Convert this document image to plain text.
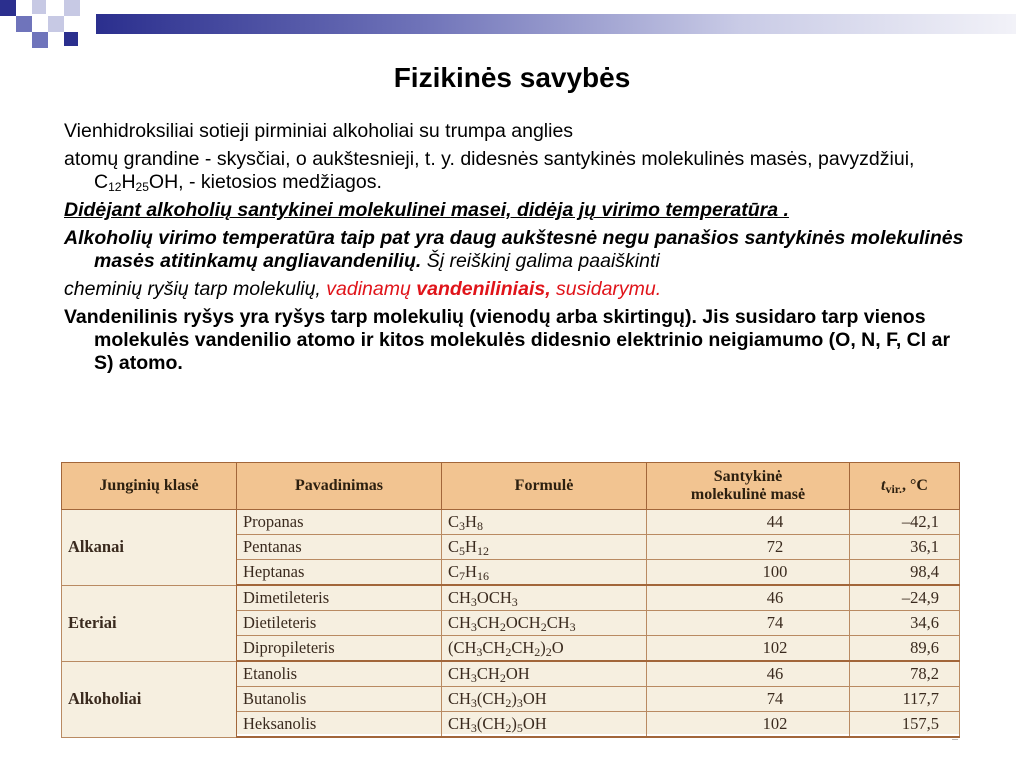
Fizikinės savybės

Vienhidroksiliai sotieji pirminiai alkoholiai su trumpa anglies

atomų grandine - skysčiai, o aukštesnieji, t. y. didesnės santykinės molekulinės masės, pavyzdžiui, $C_{12}H_{25}OH$, - kietosios medžiagos.

Didėjant alkoholių santykinei molekulinei masei, didėja jų virimo temperatūra .

Alkoholių virimo temperatūra taip pat yra daug aukštesnė negu panašios santykinės molekulinės masės atitinkamų angliavandenilių. Šį reiškinį galima paaiškinti

cheminių ryšių tarp molekulių, vadinamų vandeniliniais, susidarymu.

Vandenilinis ryšys yra ryšys tarp molekulių (vienodų arba skirtingų). Jis susidaro tarp vienos molekulės vandenilio atomo ir kitos molekulės didesnio elektrinio neigiamumo (O, N, F, Cl ar S) atomo.

Junginių klasė	Pavadinimas	Formulė	Santykinė
molekulinė masė	$t_{vir.}$, °C
Alkanai	Propanas	$C_3H_8$	44	–42,1
	Pentanas	$C_5H_{12}$	72	36,1
	Heptanas	$C_7H_{16}$	100	98,4
Eteriai	Dimetileteris	$CH_3OCH_3$	46	–24,9
	Dietileteris	$CH_3CH_2OCH_2CH_3$	74	34,6
	Dipropileteris	$(CH_3CH_2CH_2)_2O$	102	89,6
Alkoholiai	Etanolis	$CH_3CH_2OH$	46	78,2
	Butanolis	$CH_3(CH_2)_3OH$	74	117,7
	Heksanolis	$CH_3(CH_2)_5OH$	102	157,5
